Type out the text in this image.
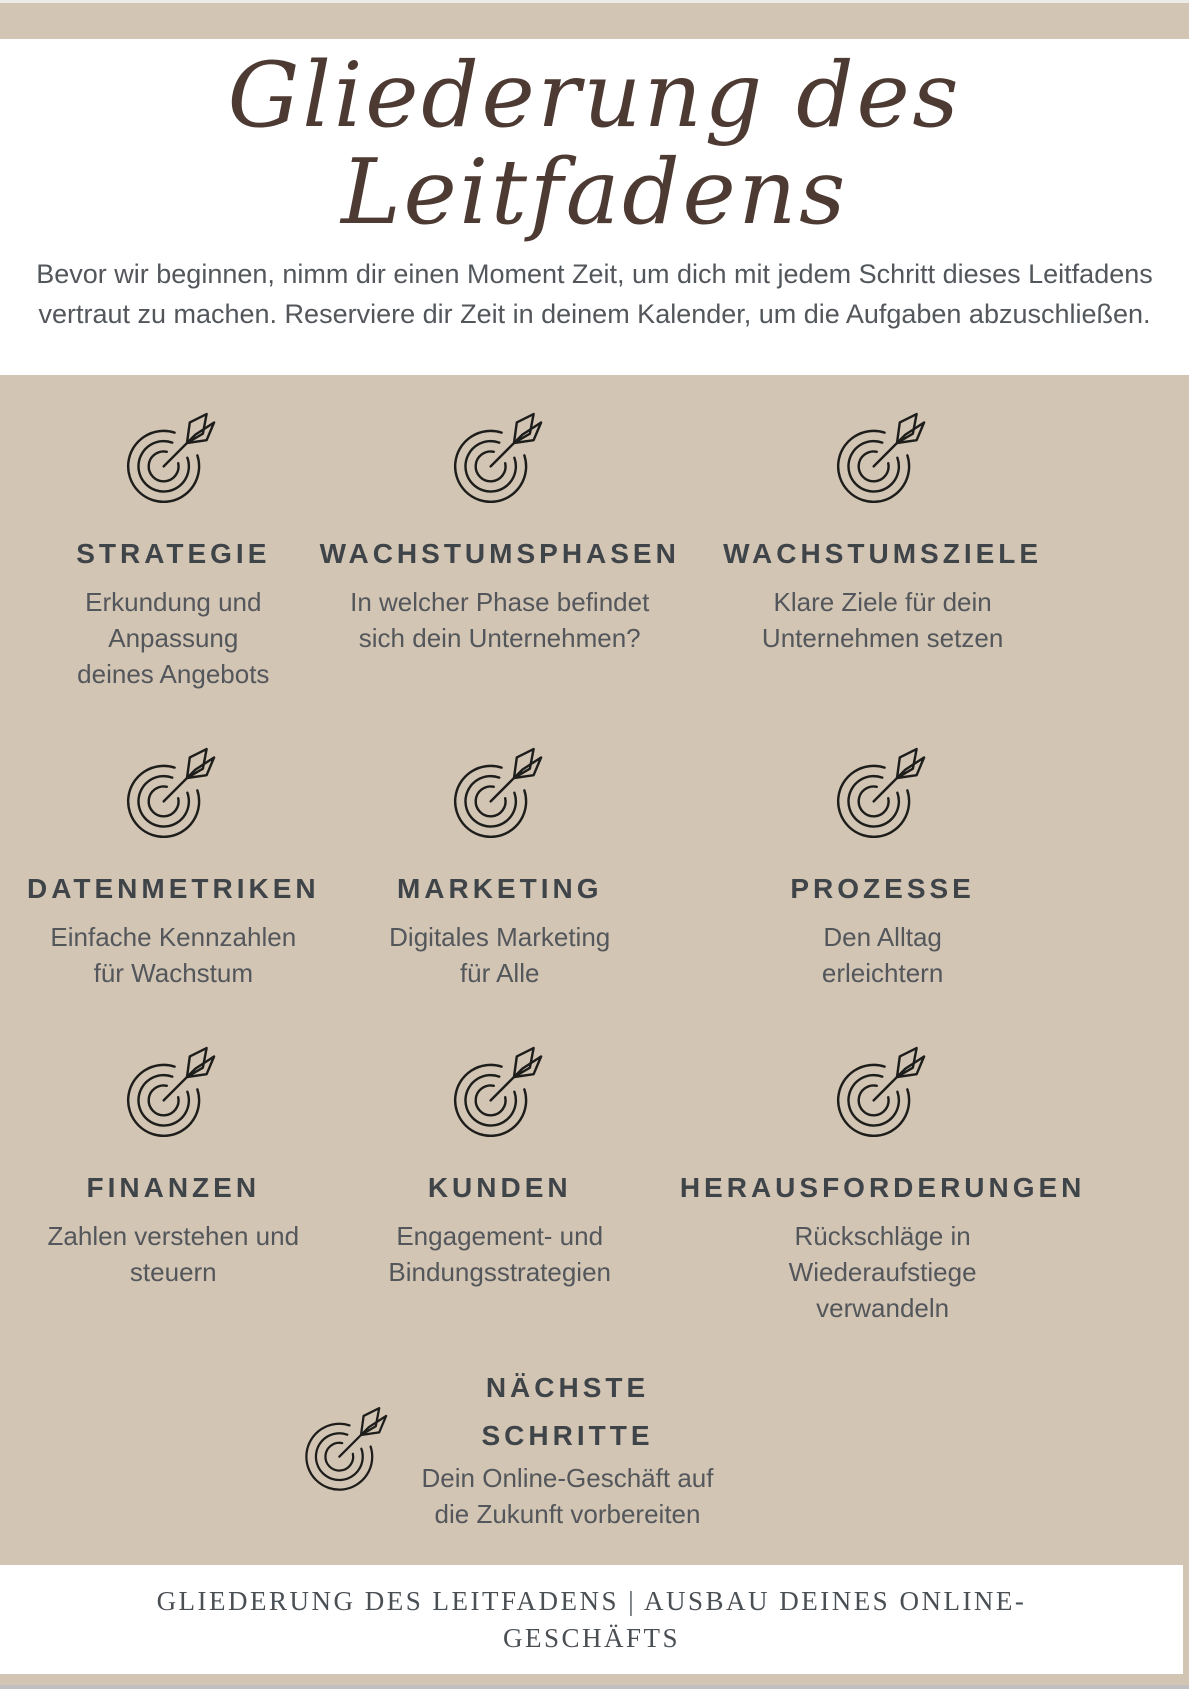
Gliederung des
Leitfadens
Bevor wir beginnen, nimm dir einen Moment Zeit, um dich mit jedem Schritt dieses Leitfadens
vertraut zu machen. Reserviere dir Zeit in deinem Kalender, um die Aufgaben abzuschließen.
STRATEGIE
Erkundung und Anpassung
deines Angebots
WACHSTUMSPHASEN
In welcher Phase befindet
sich dein Unternehmen?
WACHSTUMSZIELE
Klare Ziele für dein
Unternehmen setzen
DATENMETRIKEN
Einfache Kennzahlen
für Wachstum
MARKETING
Digitales Marketing
für Alle
PROZESSE
Den Alltag
erleichtern
FINANZEN
Zahlen verstehen und
steuern
KUNDEN
Engagement- und
Bindungsstrategien
HERAUSFORDERUNGEN
Rückschläge in
Wiederaufstiege
verwandeln
NÄCHSTE
SCHRITTE
Dein Online-Geschäft auf
die Zukunft vorbereiten
GLIEDERUNG DES LEITFADENS | AUSBAU DEINES ONLINE-
GESCHÄFTS
